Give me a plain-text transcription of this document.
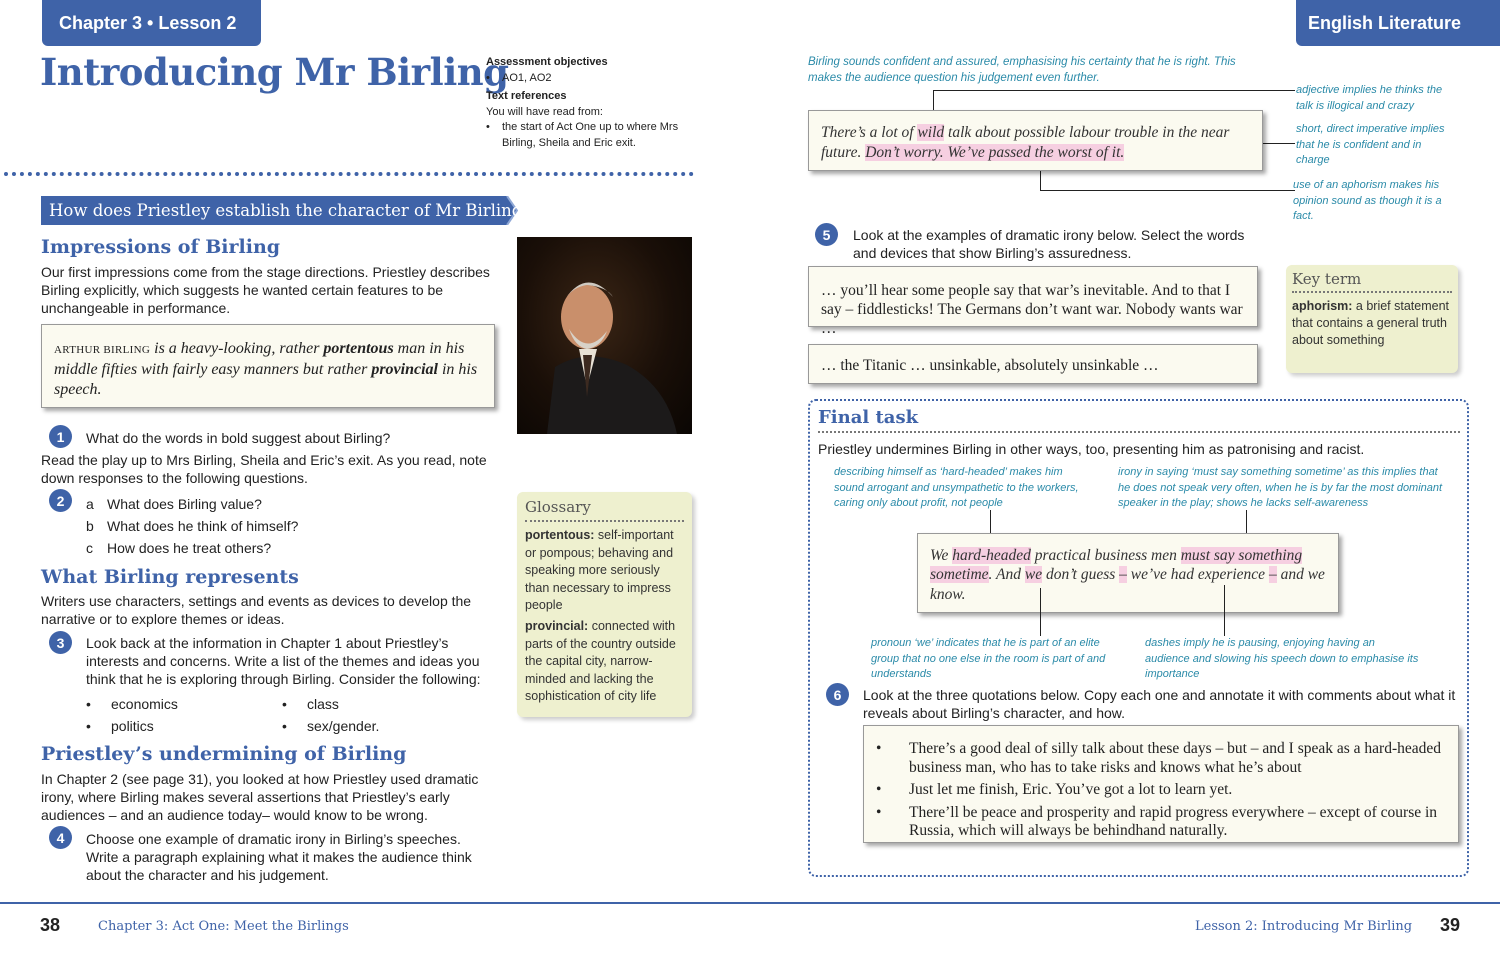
Chapter 3 • Lesson 2
Introducing Mr Birling
Assessment objectives
• AO1, AO2
Text references
You will have read from:
• the start of Act One up to where Mrs Birling, Sheila and Eric exit.
How does Priestley establish the character of Mr Birling?
Impressions of Birling
Our first impressions come from the stage directions. Priestley describes Birling explicitly, which suggests he wanted certain features to be unchangeable in performance.
ARTHUR BIRLING is a heavy-looking, rather portentous man in his middle fifties with fairly easy manners but rather provincial in his speech.
1	What do the words in bold suggest about Birling?
Read the play up to Mrs Birling, Sheila and Eric’s exit. As you read, note down responses to the following questions.
2	a What does Birling value?
b What does he think of himself?
c How does he treat others?
What Birling represents
Writers use characters, settings and events as devices to develop the narrative or to explore themes or ideas.
3	Look back at the information in Chapter 1 about Priestley’s interests and concerns. Write a list of the themes and ideas you think that he is exploring through Birling. Consider the following:
• economics	• class
• politics	• sex/gender.
Priestley’s undermining of Birling
In Chapter 2 (see page 31), you looked at how Priestley used dramatic irony, where Birling makes several assertions that Priestley’s early audiences – and an audience today– would know to be wrong.
4	Choose one example of dramatic irony in Birling’s speeches. Write a paragraph explaining what it makes the audience think about the character and his judgement.
Glossary
portentous: self-important or pompous; behaving and speaking more seriously than necessary to impress people
provincial: connected with parts of the country outside the capital city, narrow-minded and lacking the sophistication of city life
English Literature
Birling sounds confident and assured, emphasising his certainty that he is right. This makes the audience question his judgement even further.
There’s a lot of wild talk about possible labour trouble in the near future. Don’t worry. We’ve passed the worst of it.
adjective implies he thinks the talk is illogical and crazy
short, direct imperative implies that he is confident and in charge
use of an aphorism makes his opinion sound as though it is a fact.
5	Look at the examples of dramatic irony below. Select the words and devices that show Birling’s assuredness.
… you’ll hear some people say that war’s inevitable. And to that I say – fiddlesticks! The Germans don’t want war. Nobody wants war …
… the Titanic … unsinkable, absolutely unsinkable …
Key term
aphorism: a brief statement that contains a general truth about something
Final task
Priestley undermines Birling in other ways, too, presenting him as patronising and racist.
describing himself as ‘hard-headed’ makes him sound arrogant and unsympathetic to the workers, caring only about profit, not people
irony in saying ‘must say something sometime’ as this implies that he does not speak very often, when he is by far the most dominant speaker in the play; shows he lacks self-awareness
We hard-headed practical business men must say something sometime. And we don’t guess – we’ve had experience – and we know.
pronoun ‘we’ indicates that he is part of an elite group that no one else in the room is part of and understands
dashes imply he is pausing, enjoying having an audience and slowing his speech down to emphasise its importance
6	Look at the three quotations below. Copy each one and annotate it with comments about what it reveals about Birling’s character, and how.
• There’s a good deal of silly talk about these days – but – and I speak as a hard-headed business man, who has to take risks and knows what he’s about
• Just let me finish, Eric. You’ve got a lot to learn yet.
• There’ll be peace and prosperity and rapid progress everywhere – except of course in Russia, which will always be behindhand naturally.
38	Chapter 3: Act One: Meet the Birlings	Lesson 2: Introducing Mr Birling 39
